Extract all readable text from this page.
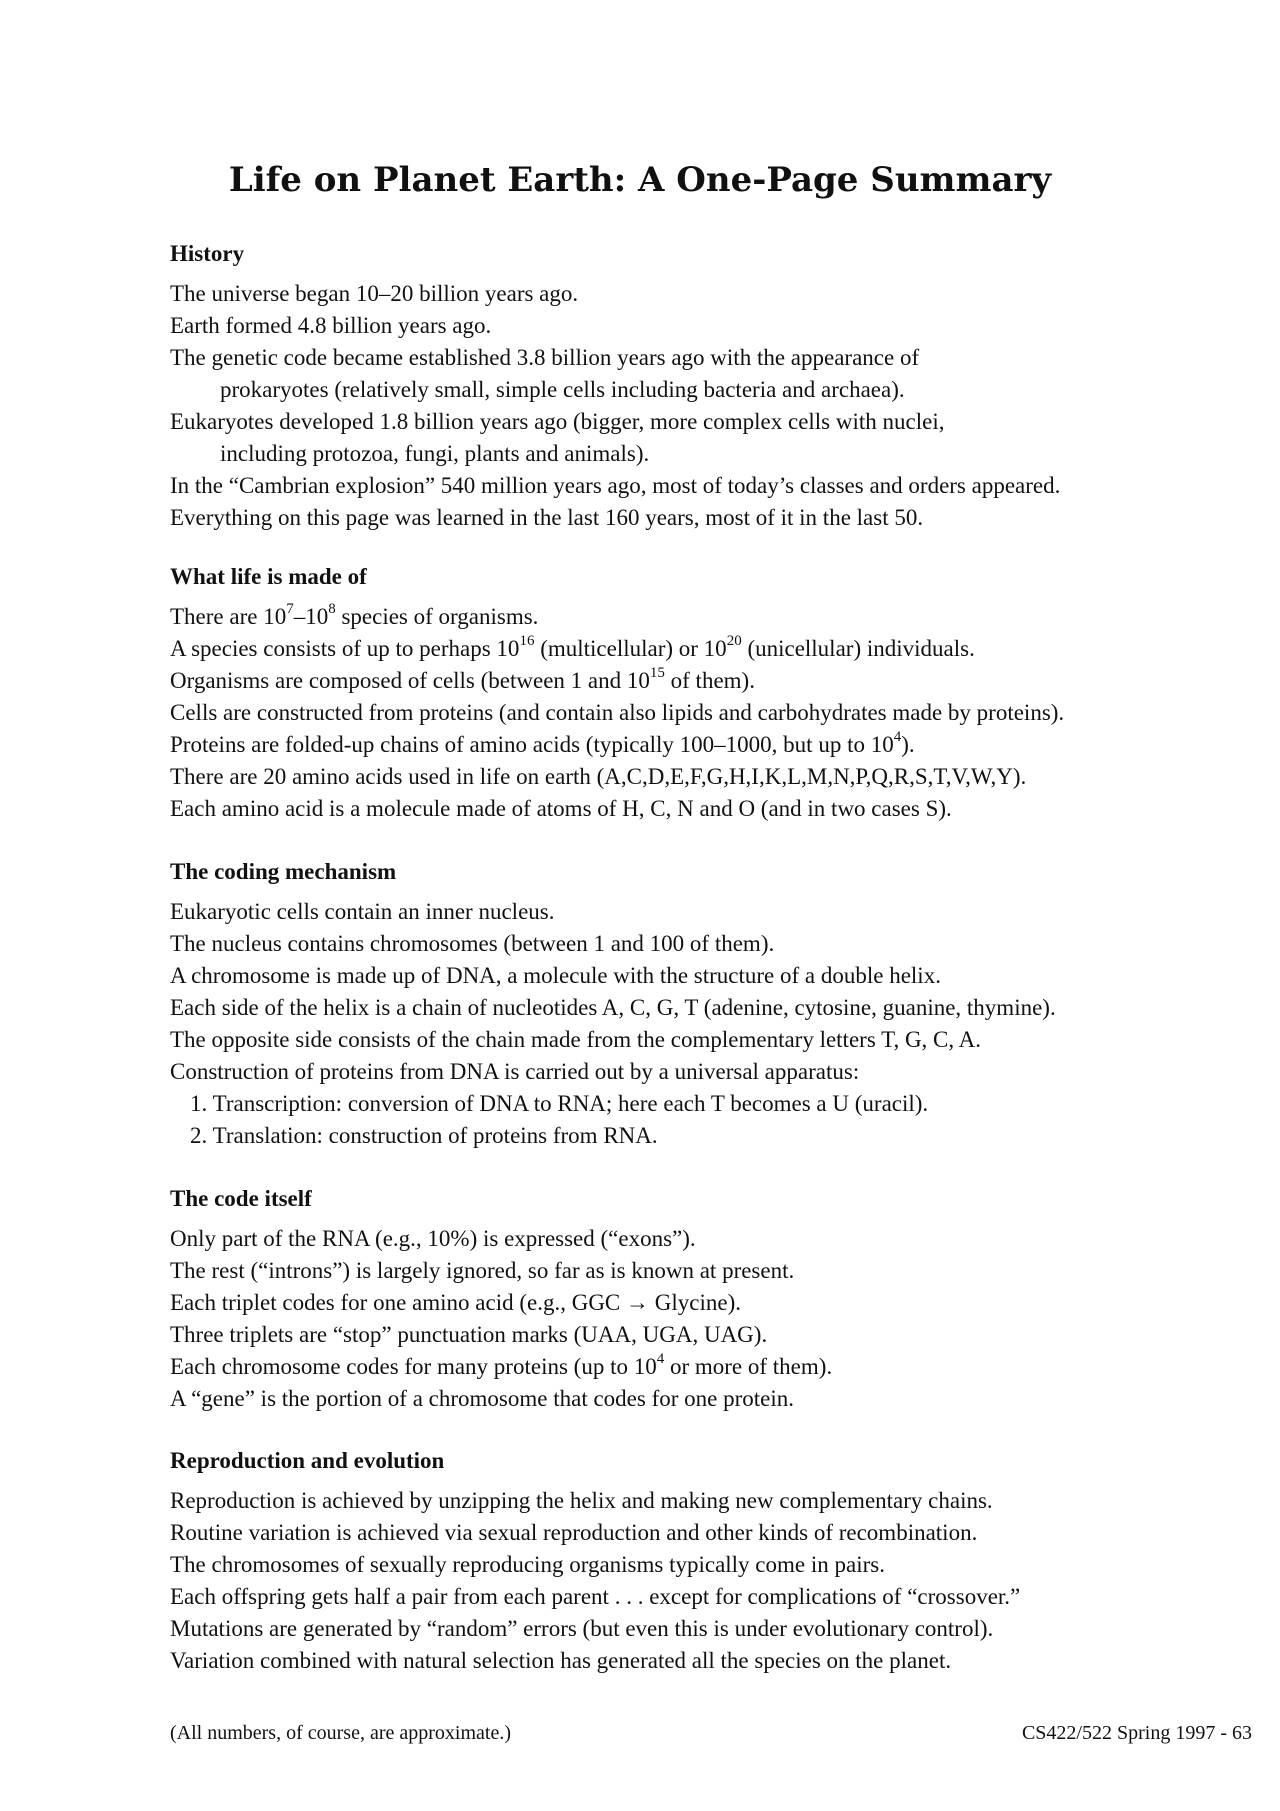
Life on Planet Earth: A One-Page Summary
History
The universe began 10–20 billion years ago.
Earth formed 4.8 billion years ago.
The genetic code became established 3.8 billion years ago with the appearance of
prokaryotes (relatively small, simple cells including bacteria and archaea).
Eukaryotes developed 1.8 billion years ago (bigger, more complex cells with nuclei,
including protozoa, fungi, plants and animals).
In the “Cambrian explosion” 540 million years ago, most of today’s classes and orders appeared.
Everything on this page was learned in the last 160 years, most of it in the last 50.
What life is made of
There are $10^7-10^8$ species of organisms.
A species consists of up to perhaps $10^{16}$ (multicellular) or $10^{20}$ (unicellular) individuals.
Organisms are composed of cells (between 1 and $10^{15}$ of them).
Cells are constructed from proteins (and contain also lipids and carbohydrates made by proteins).
Proteins are folded-up chains of amino acids (typically 100–1000, but up to $10^4$).
There are 20 amino acids used in life on earth (A,C,D,E,F,G,H,I,K,L,M,N,P,Q,R,S,T,V,W,Y).
Each amino acid is a molecule made of atoms of H, C, N and O (and in two cases S).
The coding mechanism
Eukaryotic cells contain an inner nucleus.
The nucleus contains chromosomes (between 1 and 100 of them).
A chromosome is made up of DNA, a molecule with the structure of a double helix.
Each side of the helix is a chain of nucleotides A, C, G, T (adenine, cytosine, guanine, thymine).
The opposite side consists of the chain made from the complementary letters T, G, C, A.
Construction of proteins from DNA is carried out by a universal apparatus:
1. Transcription: conversion of DNA to RNA; here each T becomes a U (uracil).
2. Translation: construction of proteins from RNA.
The code itself
Only part of the RNA (e.g., 10%) is expressed (“exons”).
The rest (“introns”) is largely ignored, so far as is known at present.
Each triplet codes for one amino acid (e.g., GGC → Glycine).
Three triplets are “stop” punctuation marks (UAA, UGA, UAG).
Each chromosome codes for many proteins (up to $10^4$ or more of them).
A “gene” is the portion of a chromosome that codes for one protein.
Reproduction and evolution
Reproduction is achieved by unzipping the helix and making new complementary chains.
Routine variation is achieved via sexual reproduction and other kinds of recombination.
The chromosomes of sexually reproducing organisms typically come in pairs.
Each offspring gets half a pair from each parent . . . except for complications of “crossover.”
Mutations are generated by “random” errors (but even this is under evolutionary control).
Variation combined with natural selection has generated all the species on the planet.
(All numbers, of course, are approximate.)	CS422/522 Spring 1997 - 63
